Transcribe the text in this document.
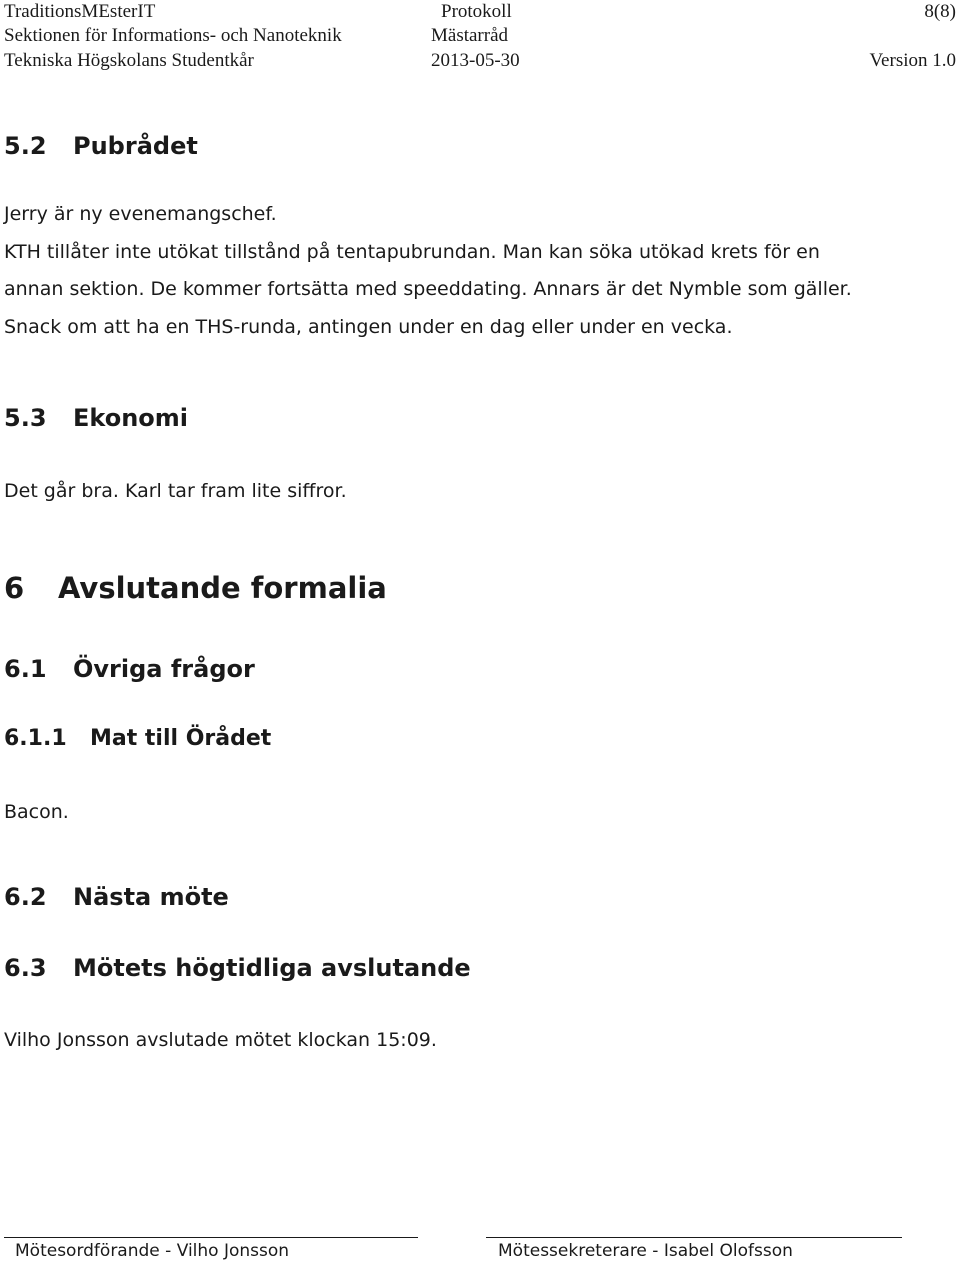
TraditionsMEsterIT	Protokoll	8(8)
Sektionen för Informations- och Nanoteknik	Mästarråd
Tekniska Högskolans Studentkår	2013-05-30	Version 1.0
5.2 Pubrådet
Jerry är ny evenemangschef.
KTH tillåter inte utökat tillstånd på tentapubrundan. Man kan söka utökad krets för en
annan sektion. De kommer fortsätta med speeddating. Annars är det Nymble som gäller.
Snack om att ha en THS-runda, antingen under en dag eller under en vecka.
5.3 Ekonomi
Det går bra. Karl tar fram lite siffror.
6 Avslutande formalia
6.1 Övriga frågor
6.1.1 Mat till Örådet
Bacon.
6.2 Nästa möte
6.3 Mötets högtidliga avslutande
Vilho Jonsson avslutade mötet klockan 15:09.
Mötesordförande - Vilho Jonsson	Mötessekreterare - Isabel Olofsson
